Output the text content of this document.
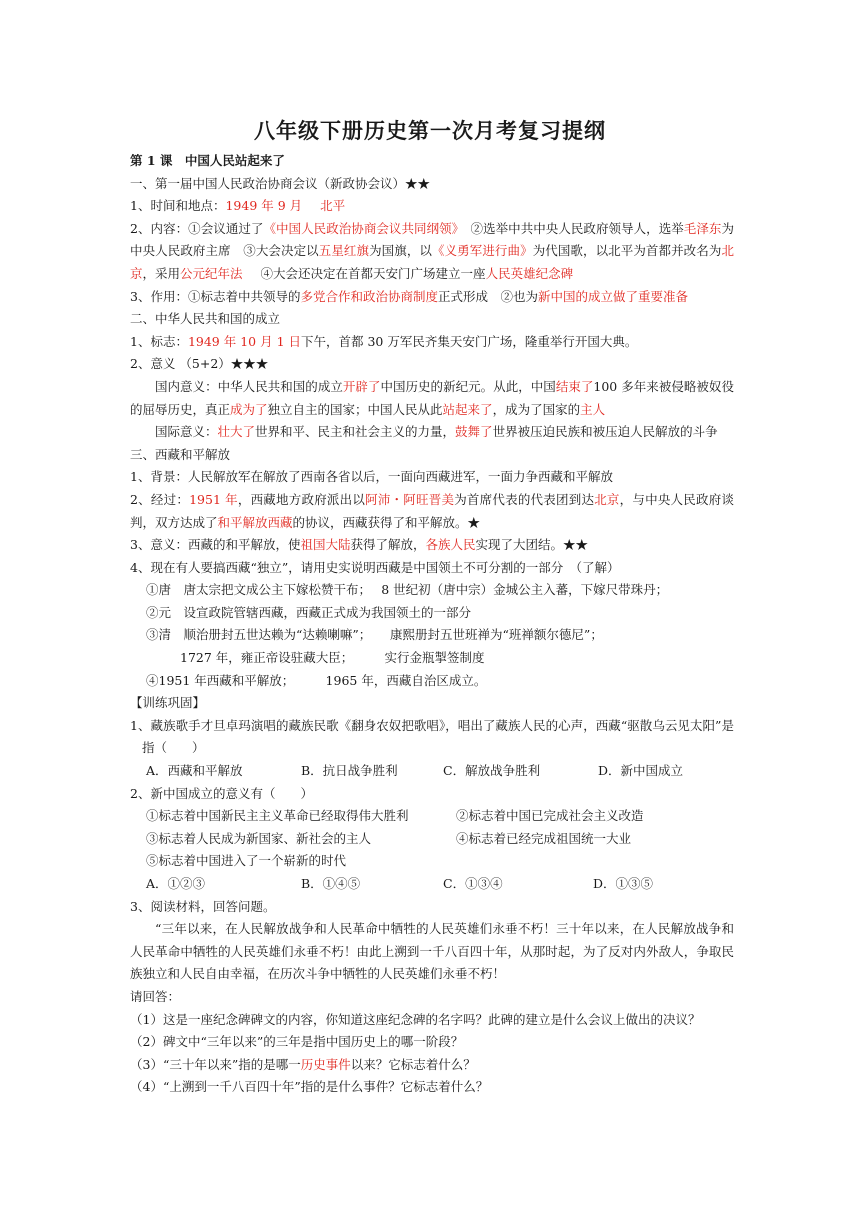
八年级下册历史第一次月考复习提纲

第 1 课　中国人民站起来了

一、第一届中国人民政治协商会议（新政协会议）★★

1、时间和地点：1949 年 9 月 北平

2、内容：①会议通过了《中国人民政治协商会议共同纲领》　 ②选举中共中央人民政府领导人，选举毛泽东为中央人民政府主席　③大会决定以五星红旗为国旗，以《义勇军进行曲》为代国歌，以北平为首都并改名为北京，采用公元纪年法 ④大会还决定在首都天安门广场建立一座人民英雄纪念碑

3、作用：①标志着中共领导的多党合作和政治协商制度正式形成　②也为新中国的成立做了重要准备

二、中华人民共和国的成立

1、标志：1949 年 10 月 1 日下午，首都 30 万军民齐集天安门广场，隆重举行开国大典。

2、意义 （5+2）★★★

国内意义：中华人民共和国的成立开辟了中国历史的新纪元。从此，中国结束了100 多年来被侵略被奴役的屈辱历史，真正成为了独立自主的国家；中国人民从此站起来了，成为了国家的主人

国际意义：壮大了世界和平、民主和社会主义的力量，鼓舞了世界被压迫民族和被压迫人民解放的斗争

三、西藏和平解放

1、背景：人民解放军在解放了西南各省以后，一面向西藏进军，一面力争西藏和平解放

2、经过：1951 年，西藏地方政府派出以阿沛・阿旺晋美为首席代表的代表团到达北京，与中央人民政府谈判，双方达成了和平解放西藏的协议，西藏获得了和平解放。★

3、意义：西藏的和平解放，使祖国大陆获得了解放，各族人民实现了大团结。★★

4、现在有人要搞西藏“独立”，请用史实说明西藏是中国领土不可分割的一部分　（了解）

①唐　唐太宗把文成公主下嫁松赞干布；　 8 世纪初（唐中宗）金城公主入蕃，下嫁尺带珠丹；

②元　设宣政院管辖西藏，西藏正式成为我国领土的一部分

③清　顺治册封五世达赖为“达赖喇嘛”；　　康熙册封五世班禅为“班禅额尔德尼”；

1727 年，雍正帝设驻藏大臣；　　　实行金瓶掣签制度

④1951 年西藏和平解放；　　　1965 年，西藏自治区成立。

【训练巩固】

1、藏族歌手才旦卓玛演唱的藏族民歌《翻身农奴把歌唱》，唱出了藏族人民的心声，西藏“驱散乌云见太阳”是指（　　）

A．西藏和平解放	B．抗日战争胜利	C．解放战争胜利	D．新中国成立

2、新中国成立的意义有（　　）

①标志着中国新民主主义革命已经取得伟大胜利	②标志着中国已完成社会主义改造

③标志着人民成为新国家、新社会的主人	④标志着已经完成祖国统一大业

⑤标志着中国进入了一个崭新的时代

A．①②③	B．①④⑤	C．①③④	D．①③⑤

3、阅读材料，回答问题。

“三年以来，在人民解放战争和人民革命中牺牲的人民英雄们永垂不朽！三十年以来，在人民解放战争和人民革命中牺牲的人民英雄们永垂不朽！由此上溯到一千八百四十年，从那时起，为了反对内外敌人，争取民族独立和人民自由幸福，在历次斗争中牺牲的人民英雄们永垂不朽！

请回答：

（1）这是一座纪念碑碑文的内容，你知道这座纪念碑的名字吗？此碑的建立是什么会议上做出的决议？

（2）碑文中“三年以来”的三年是指中国历史上的哪一阶段？

（3）“三十年以来”指的是哪一历史事件以来？它标志着什么？

（4）“上溯到一千八百四十年”指的是什么事件？它标志着什么？
